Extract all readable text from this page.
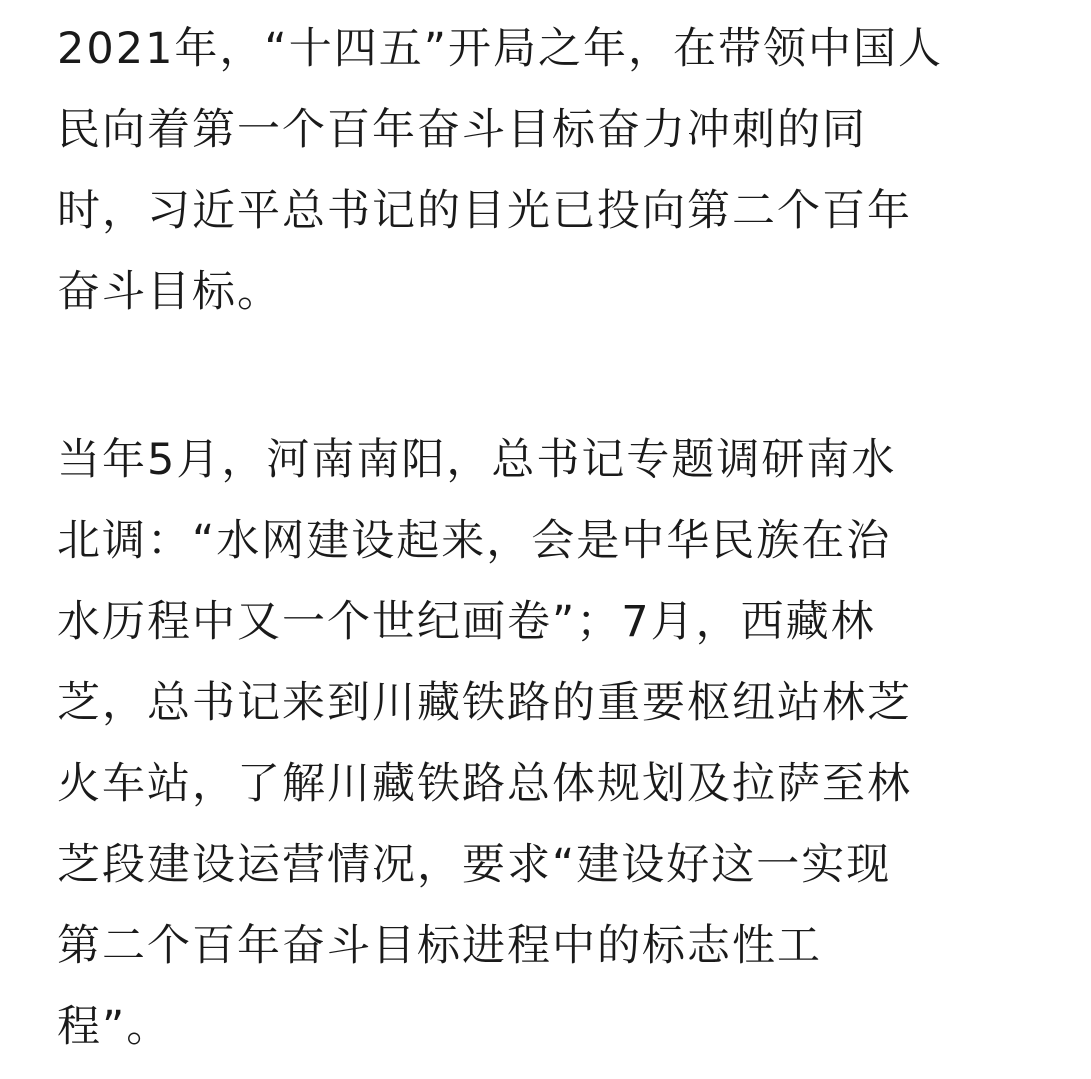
2021年，“十四五”开局之年，在带领中国人
民向着第一个百年奋斗目标奋力冲刺的同
时，习近平总书记的目光已投向第二个百年
奋斗目标。

当年5月，河南南阳，总书记专题调研南水
北调：“水网建设起来，会是中华民族在治
水历程中又一个世纪画卷”；7月，西藏林
芝，总书记来到川藏铁路的重要枢纽站林芝
火车站，了解川藏铁路总体规划及拉萨至林
芝段建设运营情况，要求“建设好这一实现
第二个百年奋斗目标进程中的标志性工
程”。
